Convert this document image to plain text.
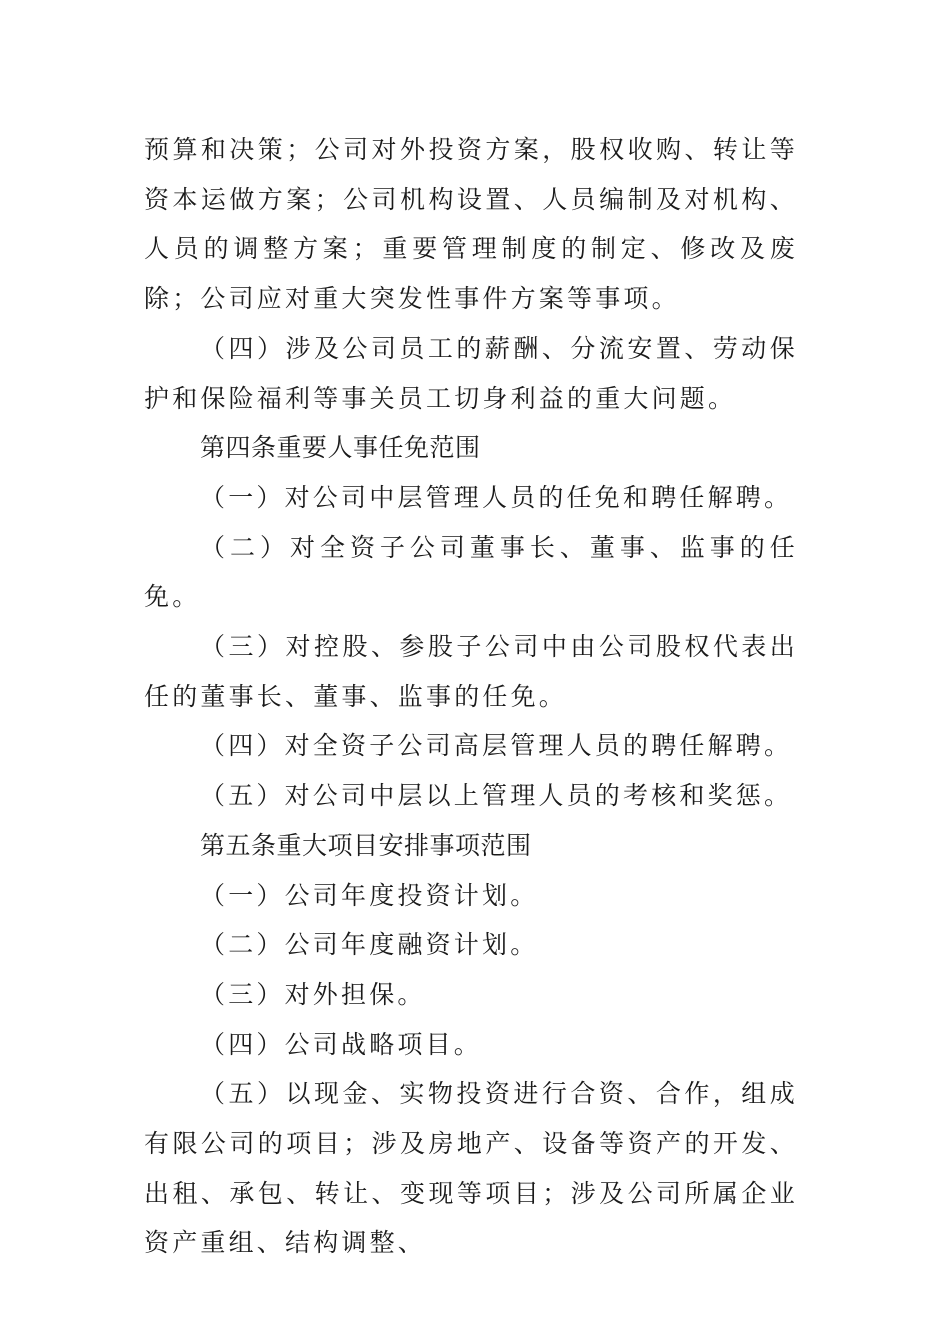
预算和决策；公司对外投资方案，股权收购、转让等资本运做方案；公司机构设置、人员编制及对机构、人员的调整方案；重要管理制度的制定、修改及废除；公司应对重大突发性事件方案等事项。

（四）涉及公司员工的薪酬、分流安置、劳动保护和保险福利等事关员工切身利益的重大问题。

第四条重要人事任免范围

（一）对公司中层管理人员的任免和聘任解聘。

（二）对全资子公司董事长、董事、监事的任免。

（三）对控股、参股子公司中由公司股权代表出任的董事长、董事、监事的任免。

（四）对全资子公司高层管理人员的聘任解聘。

（五）对公司中层以上管理人员的考核和奖惩。

第五条重大项目安排事项范围

（一）公司年度投资计划。

（二）公司年度融资计划。

（三）对外担保。

（四）公司战略项目。

（五）以现金、实物投资进行合资、合作，组成有限公司的项目；涉及房地产、设备等资产的开发、出租、承包、转让、变现等项目；涉及公司所属企业资产重组、结构调整、
